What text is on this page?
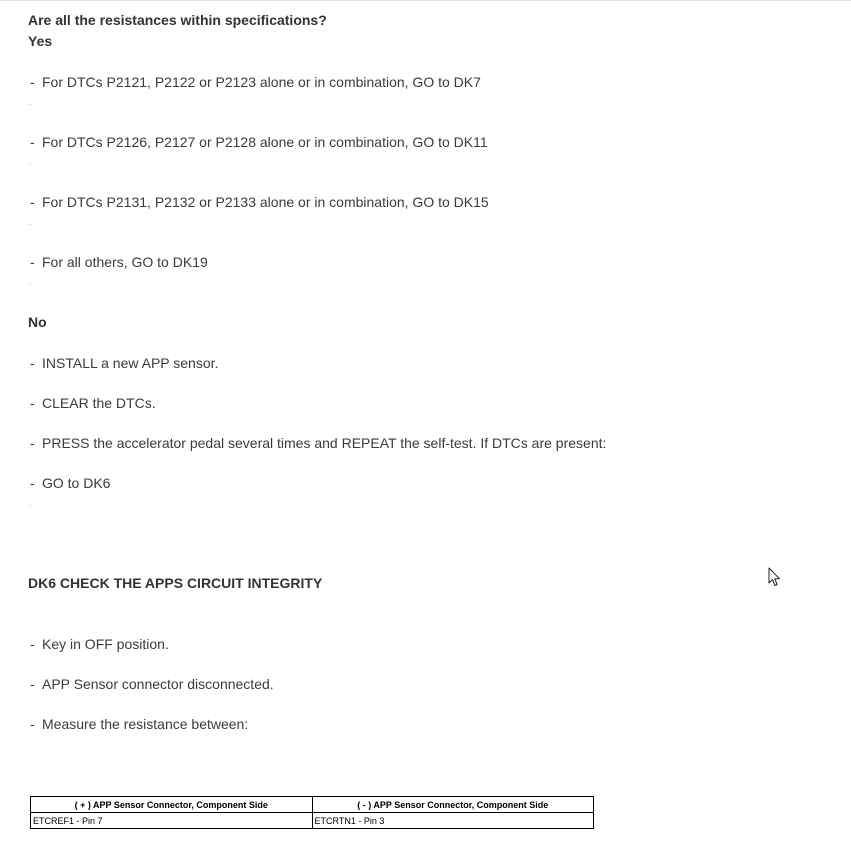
Are all the resistances within specifications?
Yes
- For DTCs P2121, P2122 or P2123 alone or in combination, GO to DK7
·
- For DTCs P2126, P2127 or P2128 alone or in combination, GO to DK11
·
- For DTCs P2131, P2132 or P2133 alone or in combination, GO to DK15
·
- For all others, GO to DK19
·
No
- INSTALL a new APP sensor.
- CLEAR the DTCs.
- PRESS the accelerator pedal several times and REPEAT the self-test. If DTCs are present:
- GO to DK6
·
DK6 CHECK THE APPS CIRCUIT INTEGRITY
- Key in OFF position.
- APP Sensor connector disconnected.
- Measure the resistance between:
( + ) APP Sensor Connector, Component Side	( - ) APP Sensor Connector, Component Side
ETCREF1 - Pin 7	ETCRTN1 - Pin 3
